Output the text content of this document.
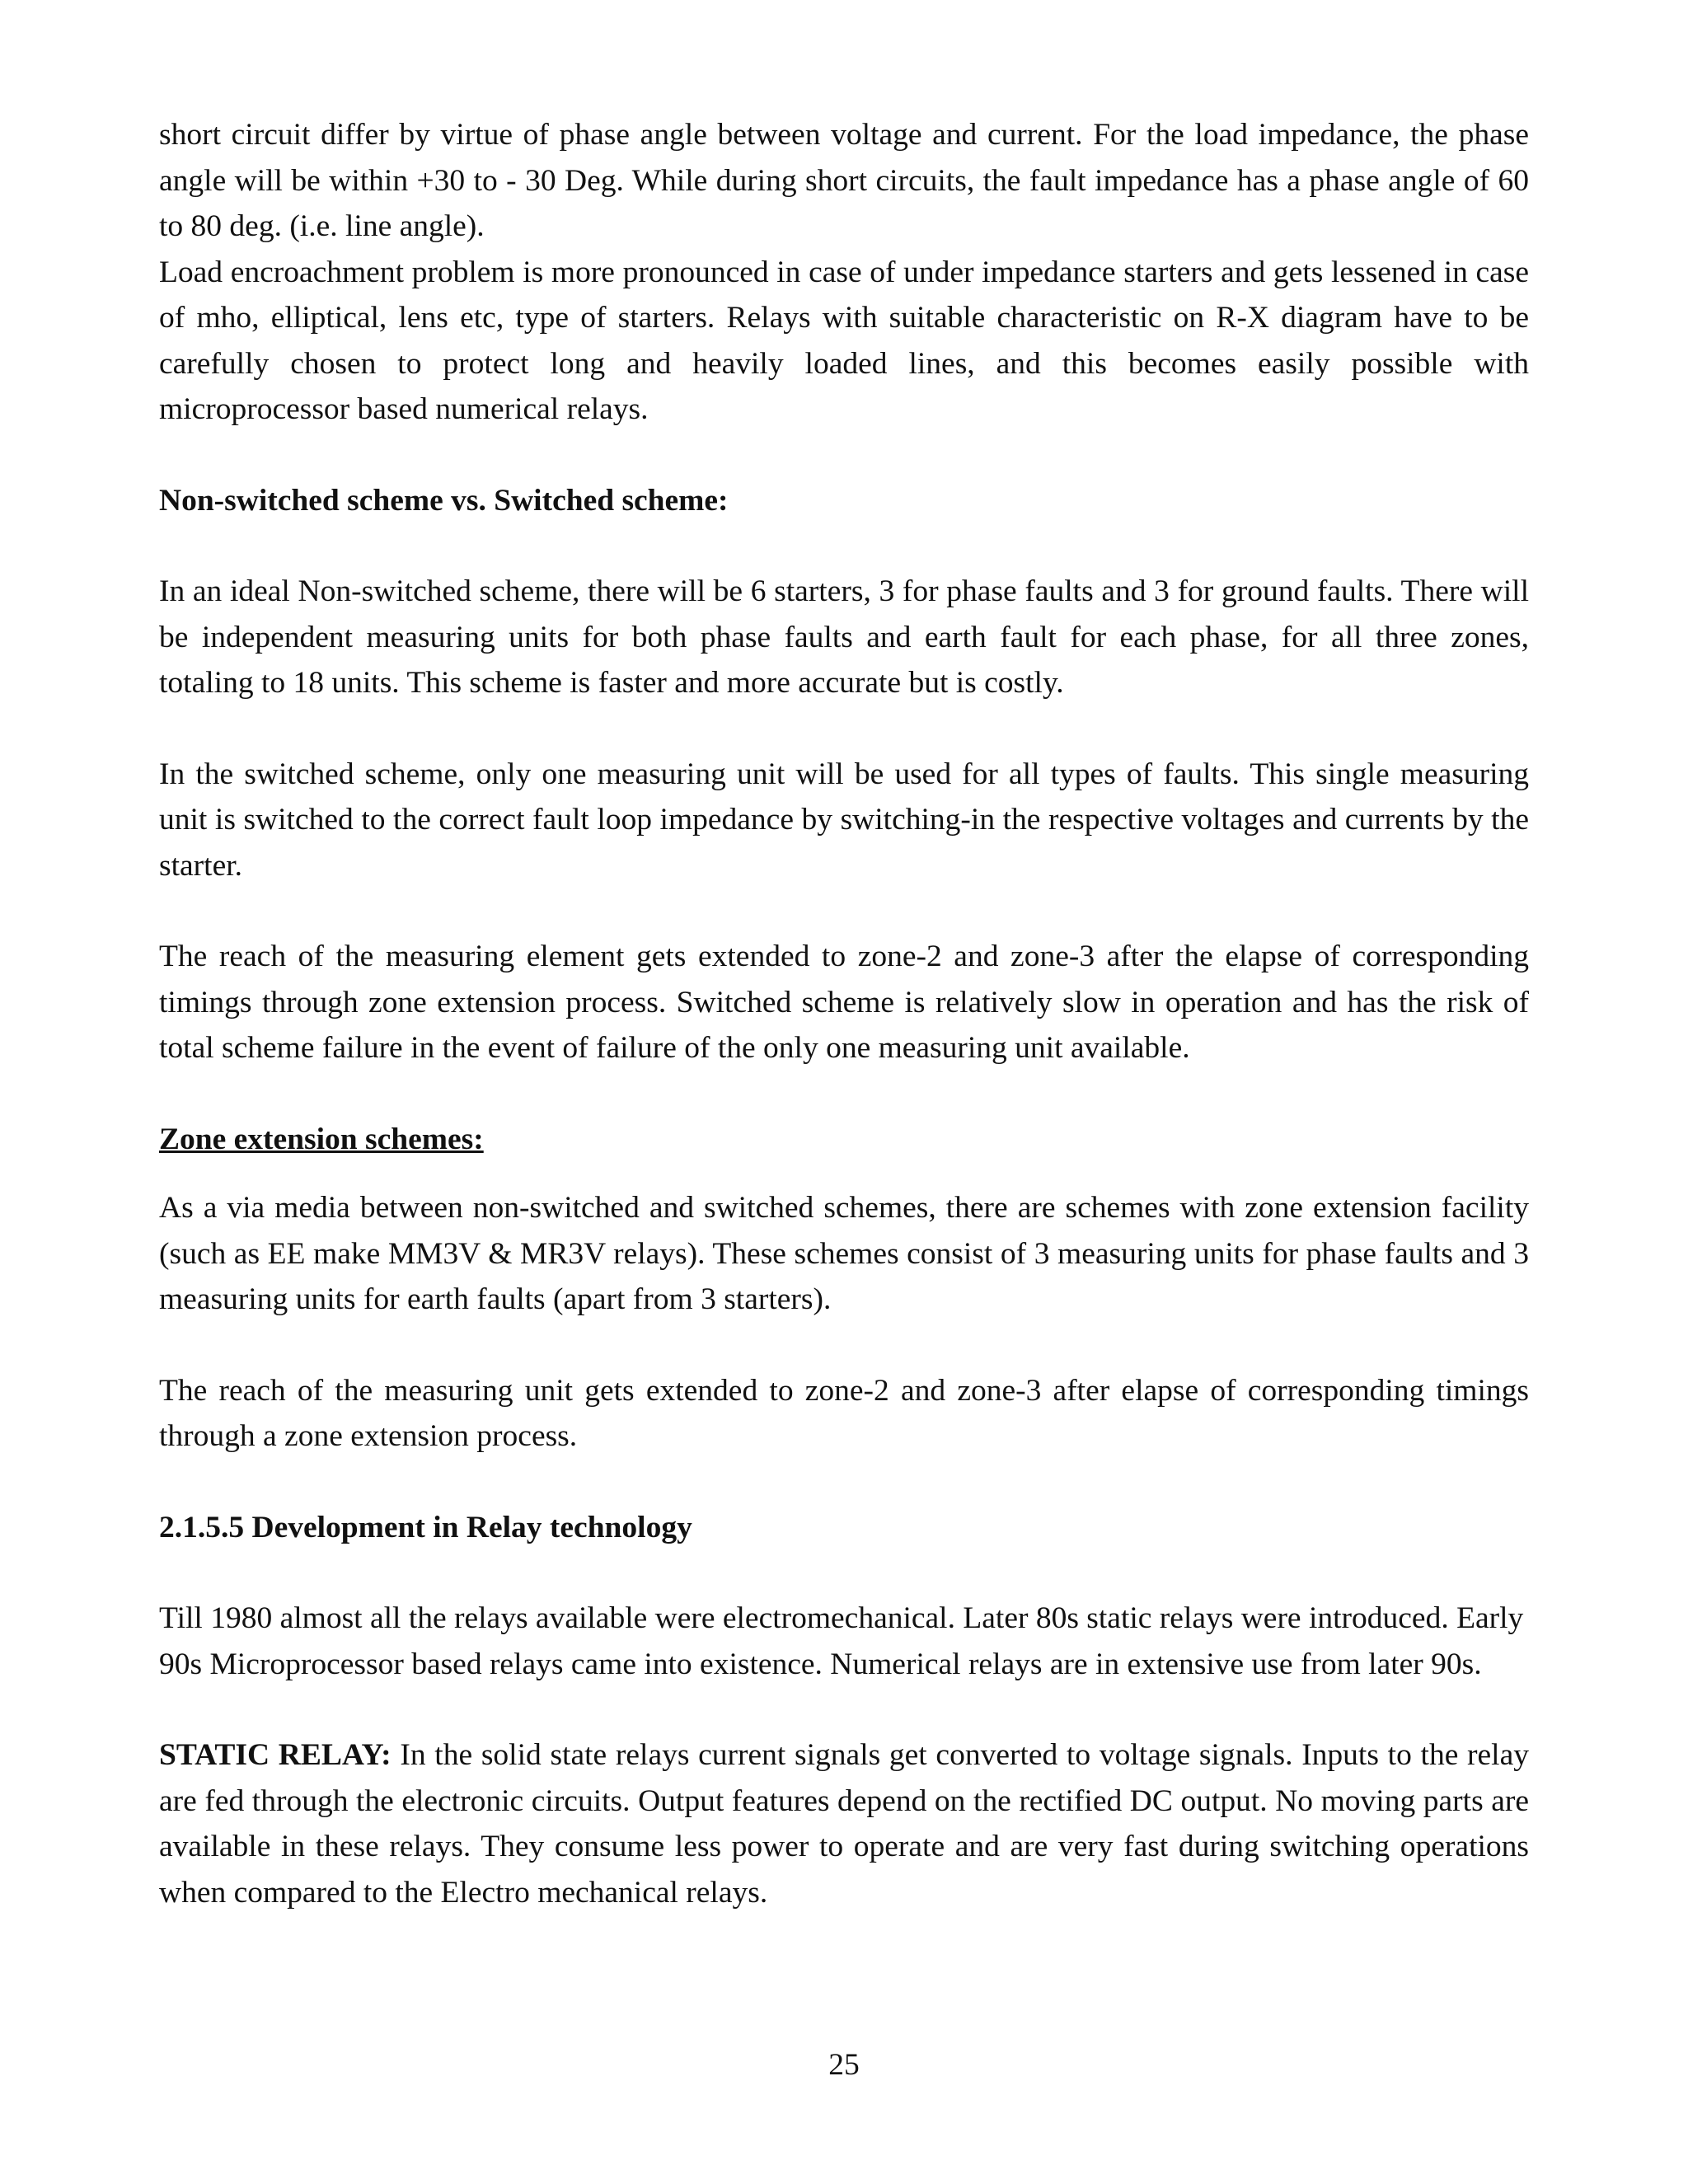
short circuit differ by virtue of phase angle between voltage and current. For the load impedance, the phase angle will be within +30 to - 30 Deg. While during short circuits, the fault impedance has a phase angle of 60 to 80 deg. (i.e. line angle).

Load encroachment problem is more pronounced in case of under impedance starters and gets lessened in case of mho, elliptical, lens etc, type of starters. Relays with suitable characteristic on R-X diagram have to be carefully chosen to protect long and heavily loaded lines, and this becomes easily possible with microprocessor based numerical relays.

Non-switched scheme vs. Switched scheme:

In an ideal Non-switched scheme, there will be 6 starters, 3 for phase faults and 3 for ground faults. There will be independent measuring units for both phase faults and earth fault for each phase, for all three zones, totaling to 18 units. This scheme is faster and more accurate but is costly.

In the switched scheme, only one measuring unit will be used for all types of faults. This single measuring unit is switched to the correct fault loop impedance by switching-in the respective voltages and currents by the starter.

The reach of the measuring element gets extended to zone-2 and zone-3 after the elapse of corresponding timings through zone extension process. Switched scheme is relatively slow in operation and has the risk of total scheme failure in the event of failure of the only one measuring unit available.

Zone extension schemes:

As a via media between non-switched and switched schemes, there are schemes with zone extension facility (such as EE make MM3V & MR3V relays). These schemes consist of 3 measuring units for phase faults and 3 measuring units for earth faults (apart from 3 starters).

The reach of the measuring unit gets extended to zone-2 and zone-3 after elapse of corresponding timings through a zone extension process.

2.1.5.5 Development in Relay technology

Till 1980 almost all the relays available were electromechanical. Later 80s static relays were introduced. Early 90s Microprocessor based relays came into existence. Numerical relays are in extensive use from later 90s.

STATIC RELAY: In the solid state relays current signals get converted to voltage signals. Inputs to the relay are fed through the electronic circuits. Output features depend on the rectified DC output. No moving parts are available in these relays. They consume less power to operate and are very fast during switching operations when compared to the Electro mechanical relays.

25
